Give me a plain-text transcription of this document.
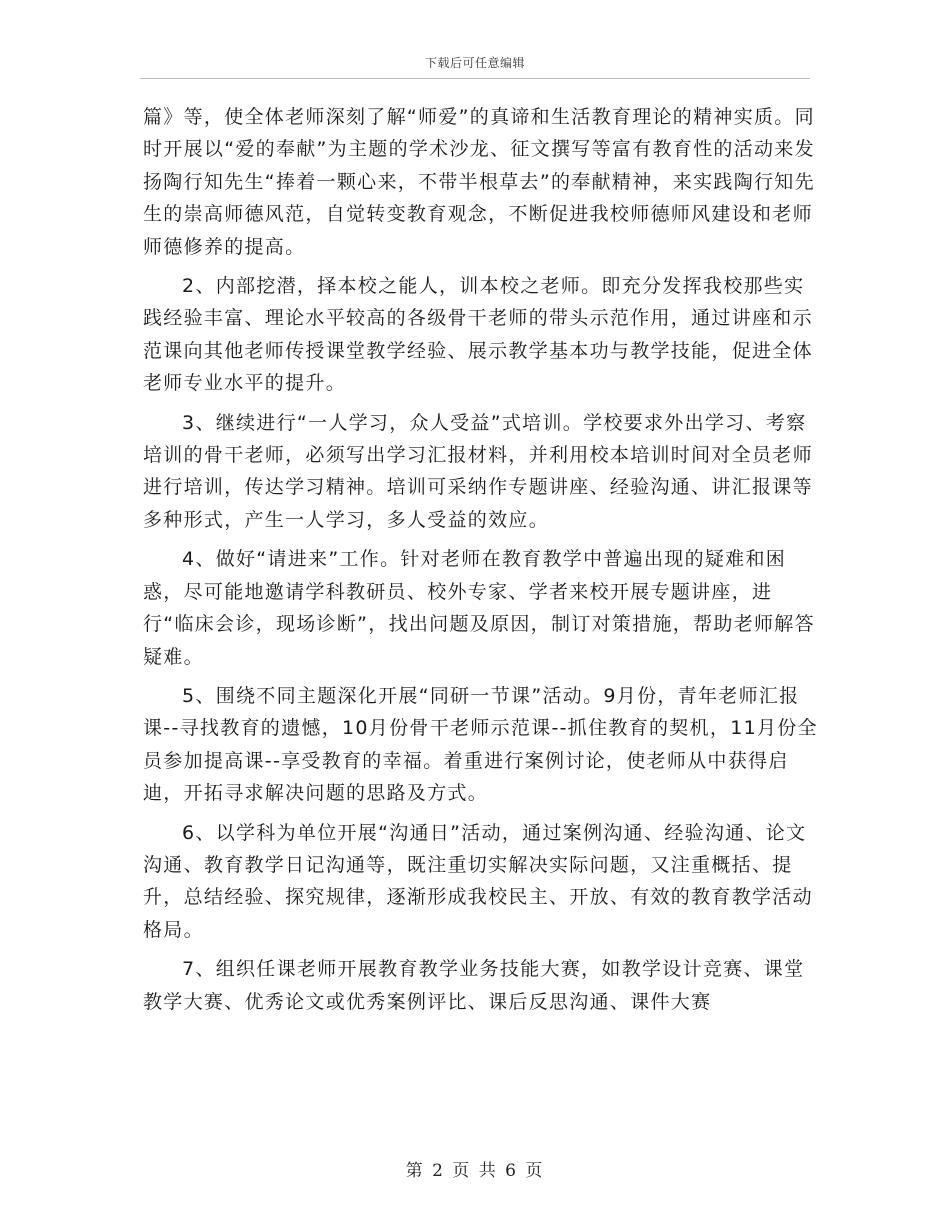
下载后可任意编辑

篇》等，使全体老师深刻了解“师爱”的真谛和生活教育理论的精神实质。同时开展以“爱的奉献”为主题的学术沙龙、征文撰写等富有教育性的活动来发扬陶行知先生“捧着一颗心来，不带半根草去”的奉献精神，来实践陶行知先生的崇高师德风范，自觉转变教育观念，不断促进我校师德师风建设和老师师德修养的提高。

2、内部挖潜，择本校之能人，训本校之老师。即充分发挥我校那些实践经验丰富、理论水平较高的各级骨干老师的带头示范作用，通过讲座和示范课向其他老师传授课堂教学经验、展示教学基本功与教学技能，促进全体老师专业水平的提升。

3、继续进行“一人学习，众人受益”式培训。学校要求外出学习、考察培训的骨干老师，必须写出学习汇报材料，并利用校本培训时间对全员老师进行培训，传达学习精神。培训可采纳作专题讲座、经验沟通、讲汇报课等多种形式，产生一人学习，多人受益的效应。

4、做好“请进来”工作。针对老师在教育教学中普遍出现的疑难和困惑，尽可能地邀请学科教研员、校外专家、学者来校开展专题讲座，进行“临床会诊，现场诊断”，找出问题及原因，制订对策措施，帮助老师解答疑难。

5、围绕不同主题深化开展“同研一节课”活动。9月份，青年老师汇报课--寻找教育的遗憾，10月份骨干老师示范课--抓住教育的契机，11月份全员参加提高课--享受教育的幸福。着重进行案例讨论，使老师从中获得启迪，开拓寻求解决问题的思路及方式。

6、以学科为单位开展“沟通日”活动，通过案例沟通、经验沟通、论文沟通、教育教学日记沟通等，既注重切实解决实际问题，又注重概括、提升，总结经验、探究规律，逐渐形成我校民主、开放、有效的教育教学活动格局。

7、组织任课老师开展教育教学业务技能大赛，如教学设计竞赛、课堂教学大赛、优秀论文或优秀案例评比、课后反思沟通、课件大赛

第 2 页 共 6 页
